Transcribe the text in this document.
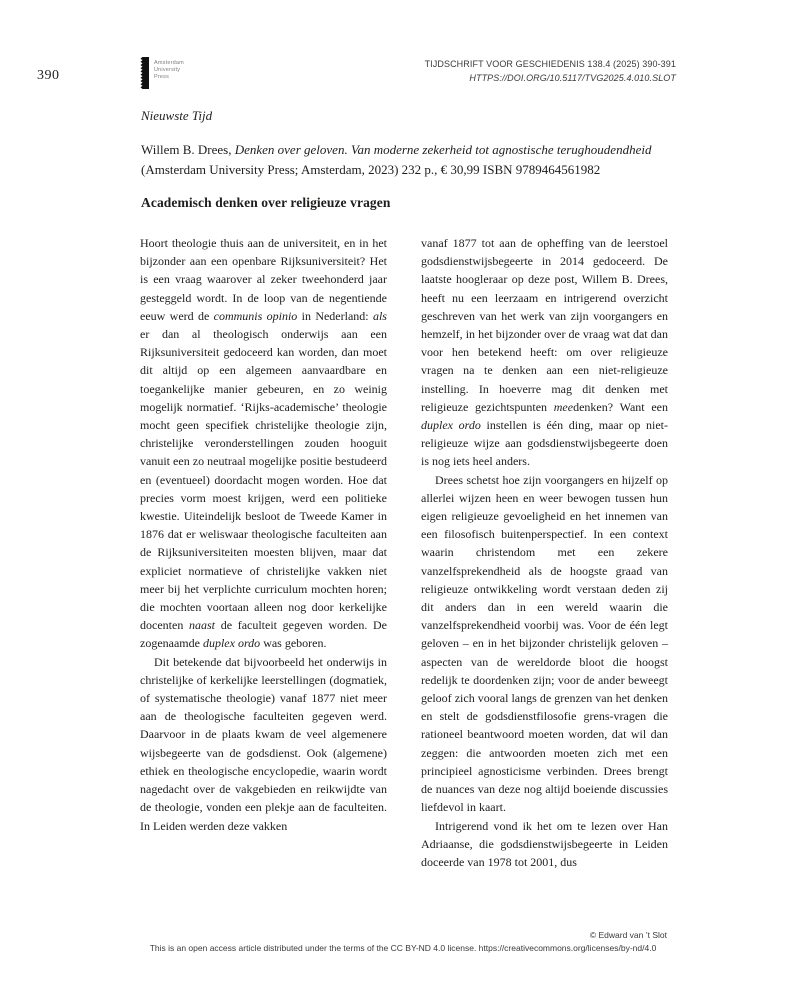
390
Amsterdam
University
Press
TIJDSCHRIFT VOOR GESCHIEDENIS 138.4 (2025) 390-391
HTTPS://DOI.ORG/10.5117/TVG2025.4.010.SLOT
Nieuwste Tijd

Willem B. Drees, Denken over geloven. Van moderne zekerheid tot agnostische terughoudendheid (Amsterdam University Press; Amsterdam, 2023) 232 p., € 30,99 ISBN 9789464561982

Academisch denken over religieuze vragen

Hoort theologie thuis aan de universiteit, en in het bijzonder aan een openbare Rijksuniversiteit? Het is een vraag waarover al zeker tweehonderd jaar gesteggeld wordt. In de loop van de negentiende eeuw werd de communis opinio in Nederland: als er dan al theologisch onderwijs aan een Rijksuniversiteit gedoceerd kan worden, dan moet dit altijd op een algemeen aanvaardbare en toegankelijke manier gebeuren, en zo weinig mogelijk normatief. ‘Rijks-academische’ theologie mocht geen specifiek christelijke theologie zijn, christelijke veronderstellingen zouden hooguit vanuit een zo neutraal mogelijke positie bestudeerd en (eventueel) doordacht mogen worden. Hoe dat precies vorm moest krijgen, werd een politieke kwestie. Uiteindelijk besloot de Tweede Kamer in 1876 dat er weliswaar theologische faculteiten aan de Rijksuniversiteiten moesten blijven, maar dat expliciet normatieve of christelijke vakken niet meer bij het verplichte curriculum mochten horen; die mochten voortaan alleen nog door kerkelijke docenten naast de faculteit gegeven worden. De zogenaamde duplex ordo was geboren.

Dit betekende dat bijvoorbeeld het onderwijs in christelijke of kerkelijke leerstellingen (dogmatiek, of systematische theologie) vanaf 1877 niet meer aan de theologische faculteiten gegeven werd. Daarvoor in de plaats kwam de veel algemenere wijsbegeerte van de godsdienst. Ook (algemene) ethiek en theologische encyclopedie, waarin wordt nagedacht over de vakgebieden en reikwijdte van de theologie, vonden een plekje aan de faculteiten. In Leiden werden deze vakken

vanaf 1877 tot aan de opheffing van de leerstoel godsdienstwijsbegeerte in 2014 gedoceerd. De laatste hoogleraar op deze post, Willem B. Drees, heeft nu een leerzaam en intrigerend overzicht geschreven van het werk van zijn voorgangers en hemzelf, in het bijzonder over de vraag wat dat dan voor hen betekend heeft: om over religieuze vragen na te denken aan een niet-religieuze instelling. In hoeverre mag dit denken met religieuze gezichtspunten meedenken? Want een duplex ordo instellen is één ding, maar op niet-religieuze wijze aan godsdienstwijsbegeerte doen is nog iets heel anders.

Drees schetst hoe zijn voorgangers en hijzelf op allerlei wijzen heen en weer bewogen tussen hun eigen religieuze gevoeligheid en het innemen van een filosofisch buitenperspectief. In een context waarin christendom met een zekere vanzelfsprekendheid als de hoogste graad van religieuze ontwikkeling wordt verstaan deden zij dit anders dan in een wereld waarin die vanzelfsprekendheid voorbij was. Voor de één legt geloven – en in het bijzonder christelijk geloven – aspecten van de wereldorde bloot die hoogst redelijk te doordenken zijn; voor de ander beweegt geloof zich vooral langs de grenzen van het denken en stelt de godsdienstfilosofie grens-vragen die rationeel beantwoord moeten worden, dat wil dan zeggen: die antwoorden moeten zich met een principieel agnosticisme verbinden. Drees brengt de nuances van deze nog altijd boeiende discussies liefdevol in kaart.

Intrigerend vond ik het om te lezen over Han Adriaanse, die godsdienstwijsbegeerte in Leiden doceerde van 1978 tot 2001, dus

© Edward van ’t Slot
This is an open access article distributed under the terms of the CC BY-ND 4.0 license. https://creativecommons.org/licenses/by-nd/4.0
